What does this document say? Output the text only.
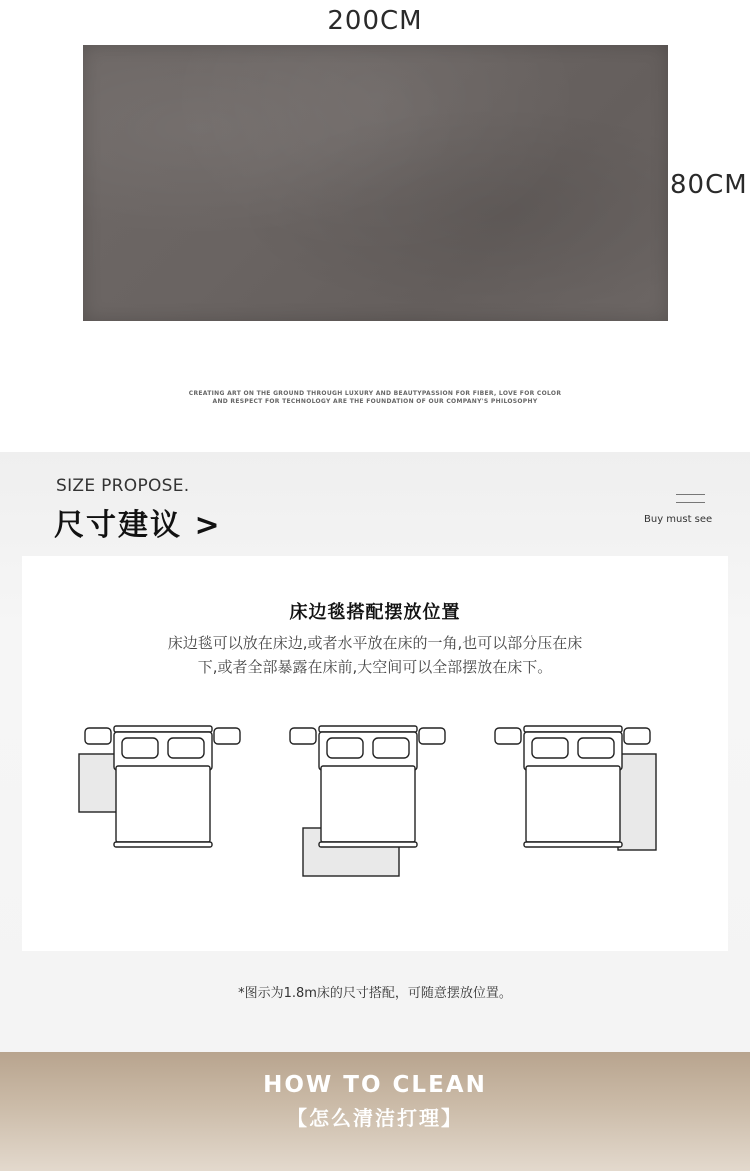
200CM
80CM
CREATING ART ON THE GROUND THROUGH LUXURY AND BEAUTYPASSION FOR FIBER, LOVE FOR COLOR
AND RESPECT FOR TECHNOLOGY ARE THE FOUNDATION OF OUR COMPANY'S PHILOSOPHY
SIZE PROPOSE.
尺寸建议 >	Buy must see
床边毯搭配摆放位置
床边毯可以放在床边,或者水平放在床的一角,也可以部分压在床
下,或者全部暴露在床前,大空间可以全部摆放在床下。
*图示为1.8m床的尺寸搭配，可随意摆放位置。
HOW TO CLEAN
【怎么清洁打理】
